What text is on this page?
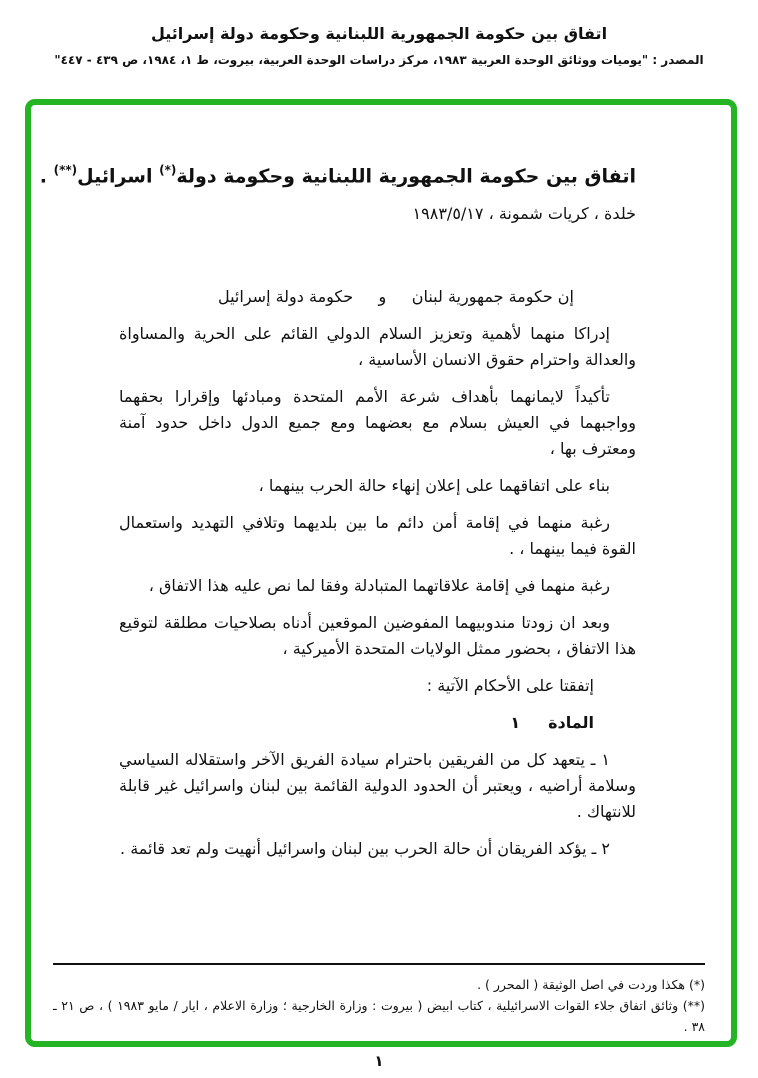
اتفاق بين حكومة الجمهورية اللبنانية وحكومة دولة إسرائيل
المصدر : "يوميات ووثائق الوحدة العربية ١٩٨٣، مركز دراسات الوحدة العربية، بيروت، ط ١، ١٩٨٤، ص ٤٣٩ - ٤٤٧"
اتفاق بين حكومة الجمهورية اللبنانية وحكومة دولة(*) اسرائيل(**) .
خلدة ، كريات شمونة ، ١٩٨٣/٥/١٧

إن حكومة جمهورية لبنان     و     حكومة دولة إسرائيل

إدراكا منهما لأهمية وتعزيز السلام الدولي القائم على الحرية والمساواة والعدالة واحترام حقوق الانسان الأساسية ،

تأكيداً لايمانهما بأهداف شرعة الأمم المتحدة ومبادئها وإقرارا بحقهما وواجبهما في العيش بسلام مع بعضهما ومع جميع الدول داخل حدود آمنة ومعترف بها ،

بناء على اتفاقهما على إعلان إنهاء حالة الحرب بينهما ،

رغبة منهما في إقامة أمن دائم ما بين بلديهما وتلافي التهديد واستعمال القوة فيما بينهما ، .

رغبة منهما في إقامة علاقاتهما المتبادلة وفقا لما نص عليه هذا الاتفاق ،

وبعد ان زودتا مندوبيهما المفوضين الموقعين أدناه بصلاحيات مطلقة لتوقيع هذا الاتفاق ، بحضور ممثل الولايات المتحدة الأميركية ،

إتفقتا على الأحكام الآتية :

المادة١

١ ـ يتعهد كل من الفريقين باحترام سيادة الفريق الآخر واستقلاله السياسي وسلامة أراضيه ، ويعتبر أن الحدود الدولية القائمة بين لبنان واسرائيل غير قابلة للانتهاك .

٢ ـ يؤكد الفريقان أن حالة الحرب بين لبنان واسرائيل أنهيت ولم تعد قائمة .

(*) هكذا وردت في اصل الوثيقة ( المحرر ) .

(**) وثائق اتفاق جلاء القوات الاسرائيلية ، كتاب ابيض ( بيروت : وزارة الخارجية ؛ وزارة الاعلام ، ايار / مايو ١٩٨٣ ) ، ص ٢١ ـ ٣٨ .

١
